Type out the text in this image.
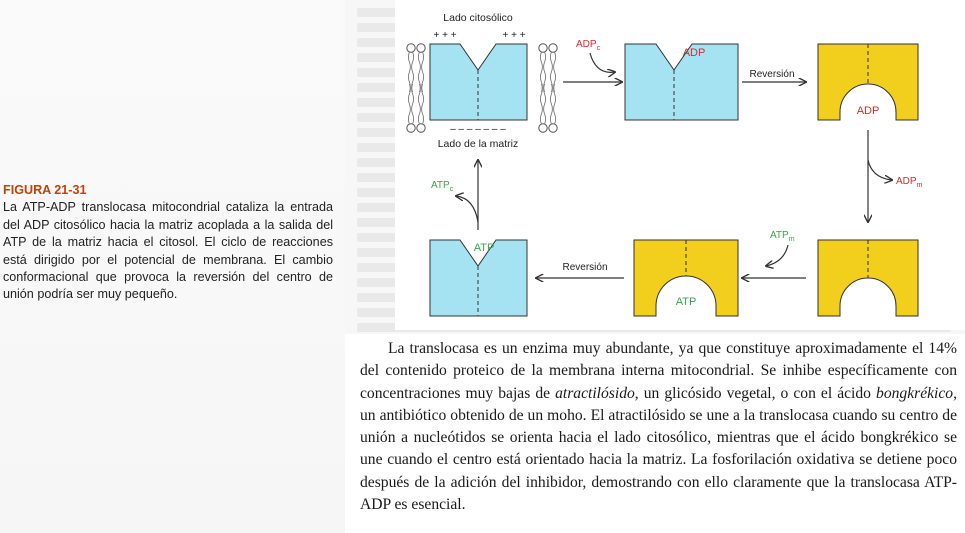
FIGURA 21-31
La ATP-ADP translocasa mitocondrial cataliza la entrada del ADP citosólico hacia la matriz acoplada a la salida del ATP de la matriz hacia el citosol. El ciclo de reacciones está dirigido por el potencial de membrana. El cambio conformacional que provoca la reversión del centro de unión podría ser muy pequeño.
Lado citosólico
+ + +	+ + +
– – – – – – –
Lado de la matriz
$ADP_c$	ADP
Reversión
ADP
$ADP_m$
$ATP_m$
ATP
Reversión
ATP
$ATP_c$

La translocasa es un enzima muy abundante, ya que constituye aproximadamente el 14% del contenido proteico de la membrana interna mitocondrial. Se inhibe específicamente con concentraciones muy bajas de atractilósido, un glicósido vegetal, o con el ácido bongkrékico, un antibiótico obtenido de un moho. El atractilósido se une a la translocasa cuando su centro de unión a nucleótidos se orienta hacia el lado citosólico, mientras que el ácido bongkrékico se une cuando el centro está orientado hacia la matriz. La fosforilación oxidativa se detiene poco después de la adición del inhibidor, demostrando con ello claramente que la translocasa ATP-ADP es esencial.
